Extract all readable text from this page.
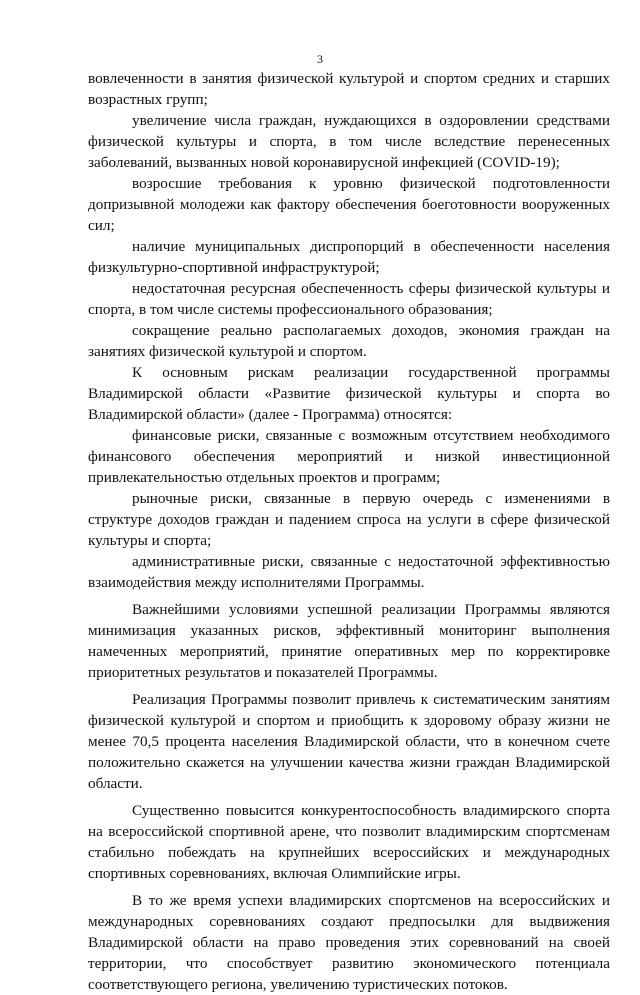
3

вовлеченности в занятия физической культурой и спортом средних и старших возрастных групп;

увеличение числа граждан, нуждающихся в оздоровлении средствами физической культуры и спорта, в том числе вследствие перенесенных заболеваний, вызванных новой коронавирусной инфекцией (COVID-19);

возросшие требования к уровню физической подготовленности допризывной молодежи как фактору обеспечения боеготовности вооруженных сил;

наличие муниципальных диспропорций в обеспеченности населения физкультурно-спортивной инфраструктурой;

недостаточная ресурсная обеспеченность сферы физической культуры и спорта, в том числе системы профессионального образования;

сокращение реально располагаемых доходов, экономия граждан на занятиях физической культурой и спортом.

К основным рискам реализации государственной программы Владимирской области «Развитие физической культуры и спорта во Владимирской области» (далее - Программа) относятся:

финансовые риски, связанные с возможным отсутствием необходимого финансового обеспечения мероприятий и низкой инвестиционной привлекательностью отдельных проектов и программ;

рыночные риски, связанные в первую очередь с изменениями в структуре доходов граждан и падением спроса на услуги в сфере физической культуры и спорта;

административные риски, связанные с недостаточной эффективностью взаимодействия между исполнителями Программы.

Важнейшими условиями успешной реализации Программы являются минимизация указанных рисков, эффективный мониторинг выполнения намеченных мероприятий, принятие оперативных мер по корректировке приоритетных результатов и показателей Программы.

Реализация Программы позволит привлечь к систематическим занятиям физической культурой и спортом и приобщить к здоровому образу жизни не менее 70,5 процента населения Владимирской области, что в конечном счете положительно скажется на улучшении качества жизни граждан Владимирской области.

Существенно повысится конкурентоспособность владимирского спорта на всероссийской спортивной арене, что позволит владимирским спортсменам стабильно побеждать на крупнейших всероссийских и международных спортивных соревнованиях, включая Олимпийские игры.

В то же время успехи владимирских спортсменов на всероссийских и международных соревнованиях создают предпосылки для выдвижения Владимирской области на право проведения этих соревнований на своей территории, что способствует развитию экономического потенциала соответствующего региона, увеличению туристических потоков.
